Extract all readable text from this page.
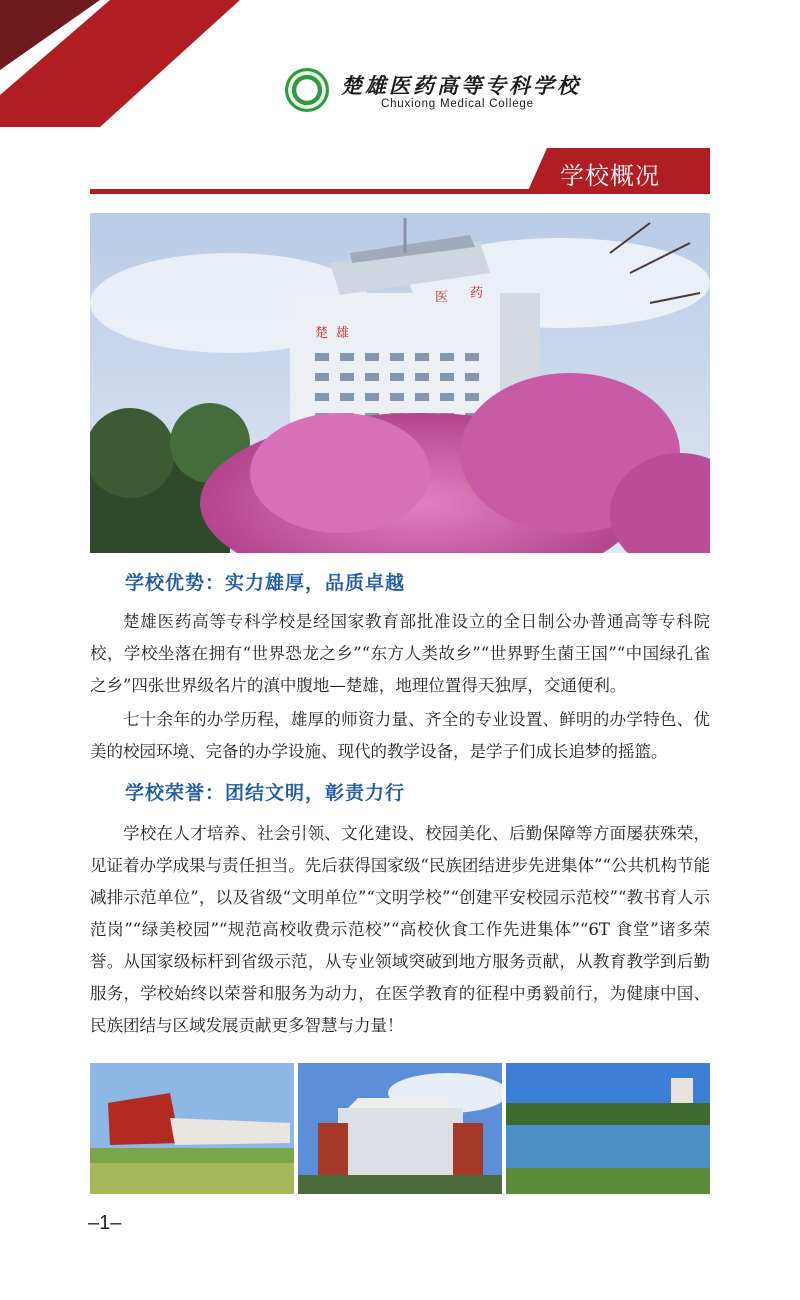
楚雄医药高等专科学校
Chuxiong Medical College
学校概况
楚 雄
医 药
学校优势：实力雄厚，品质卓越

楚雄医药高等专科学校是经国家教育部批准设立的全日制公办普通高等专科院校，学校坐落在拥有“世界恐龙之乡”“东方人类故乡”“世界野生菌王国”“中国绿孔雀之乡”四张世界级名片的滇中腹地—楚雄，地理位置得天独厚，交通便利。

七十余年的办学历程，雄厚的师资力量、齐全的专业设置、鲜明的办学特色、优美的校园环境、完备的办学设施、现代的教学设备，是学子们成长追梦的摇篮。

学校荣誉：团结文明，彰责力行

学校在人才培养、社会引领、文化建设、校园美化、后勤保障等方面屡获殊荣，见证着办学成果与责任担当。先后获得国家级“民族团结进步先进集体”“公共机构节能减排示范单位”，以及省级“文明单位”“文明学校”“创建平安校园示范校”“教书育人示范岗”“绿美校园”“规范高校收费示范校”“高校伙食工作先进集体”“6T 食堂”诸多荣誉。从国家级标杆到省级示范，从专业领域突破到地方服务贡献，从教育教学到后勤服务，学校始终以荣誉和服务为动力，在医学教育的征程中勇毅前行，为健康中国、民族团结与区域发展贡献更多智慧与力量！

–1–
